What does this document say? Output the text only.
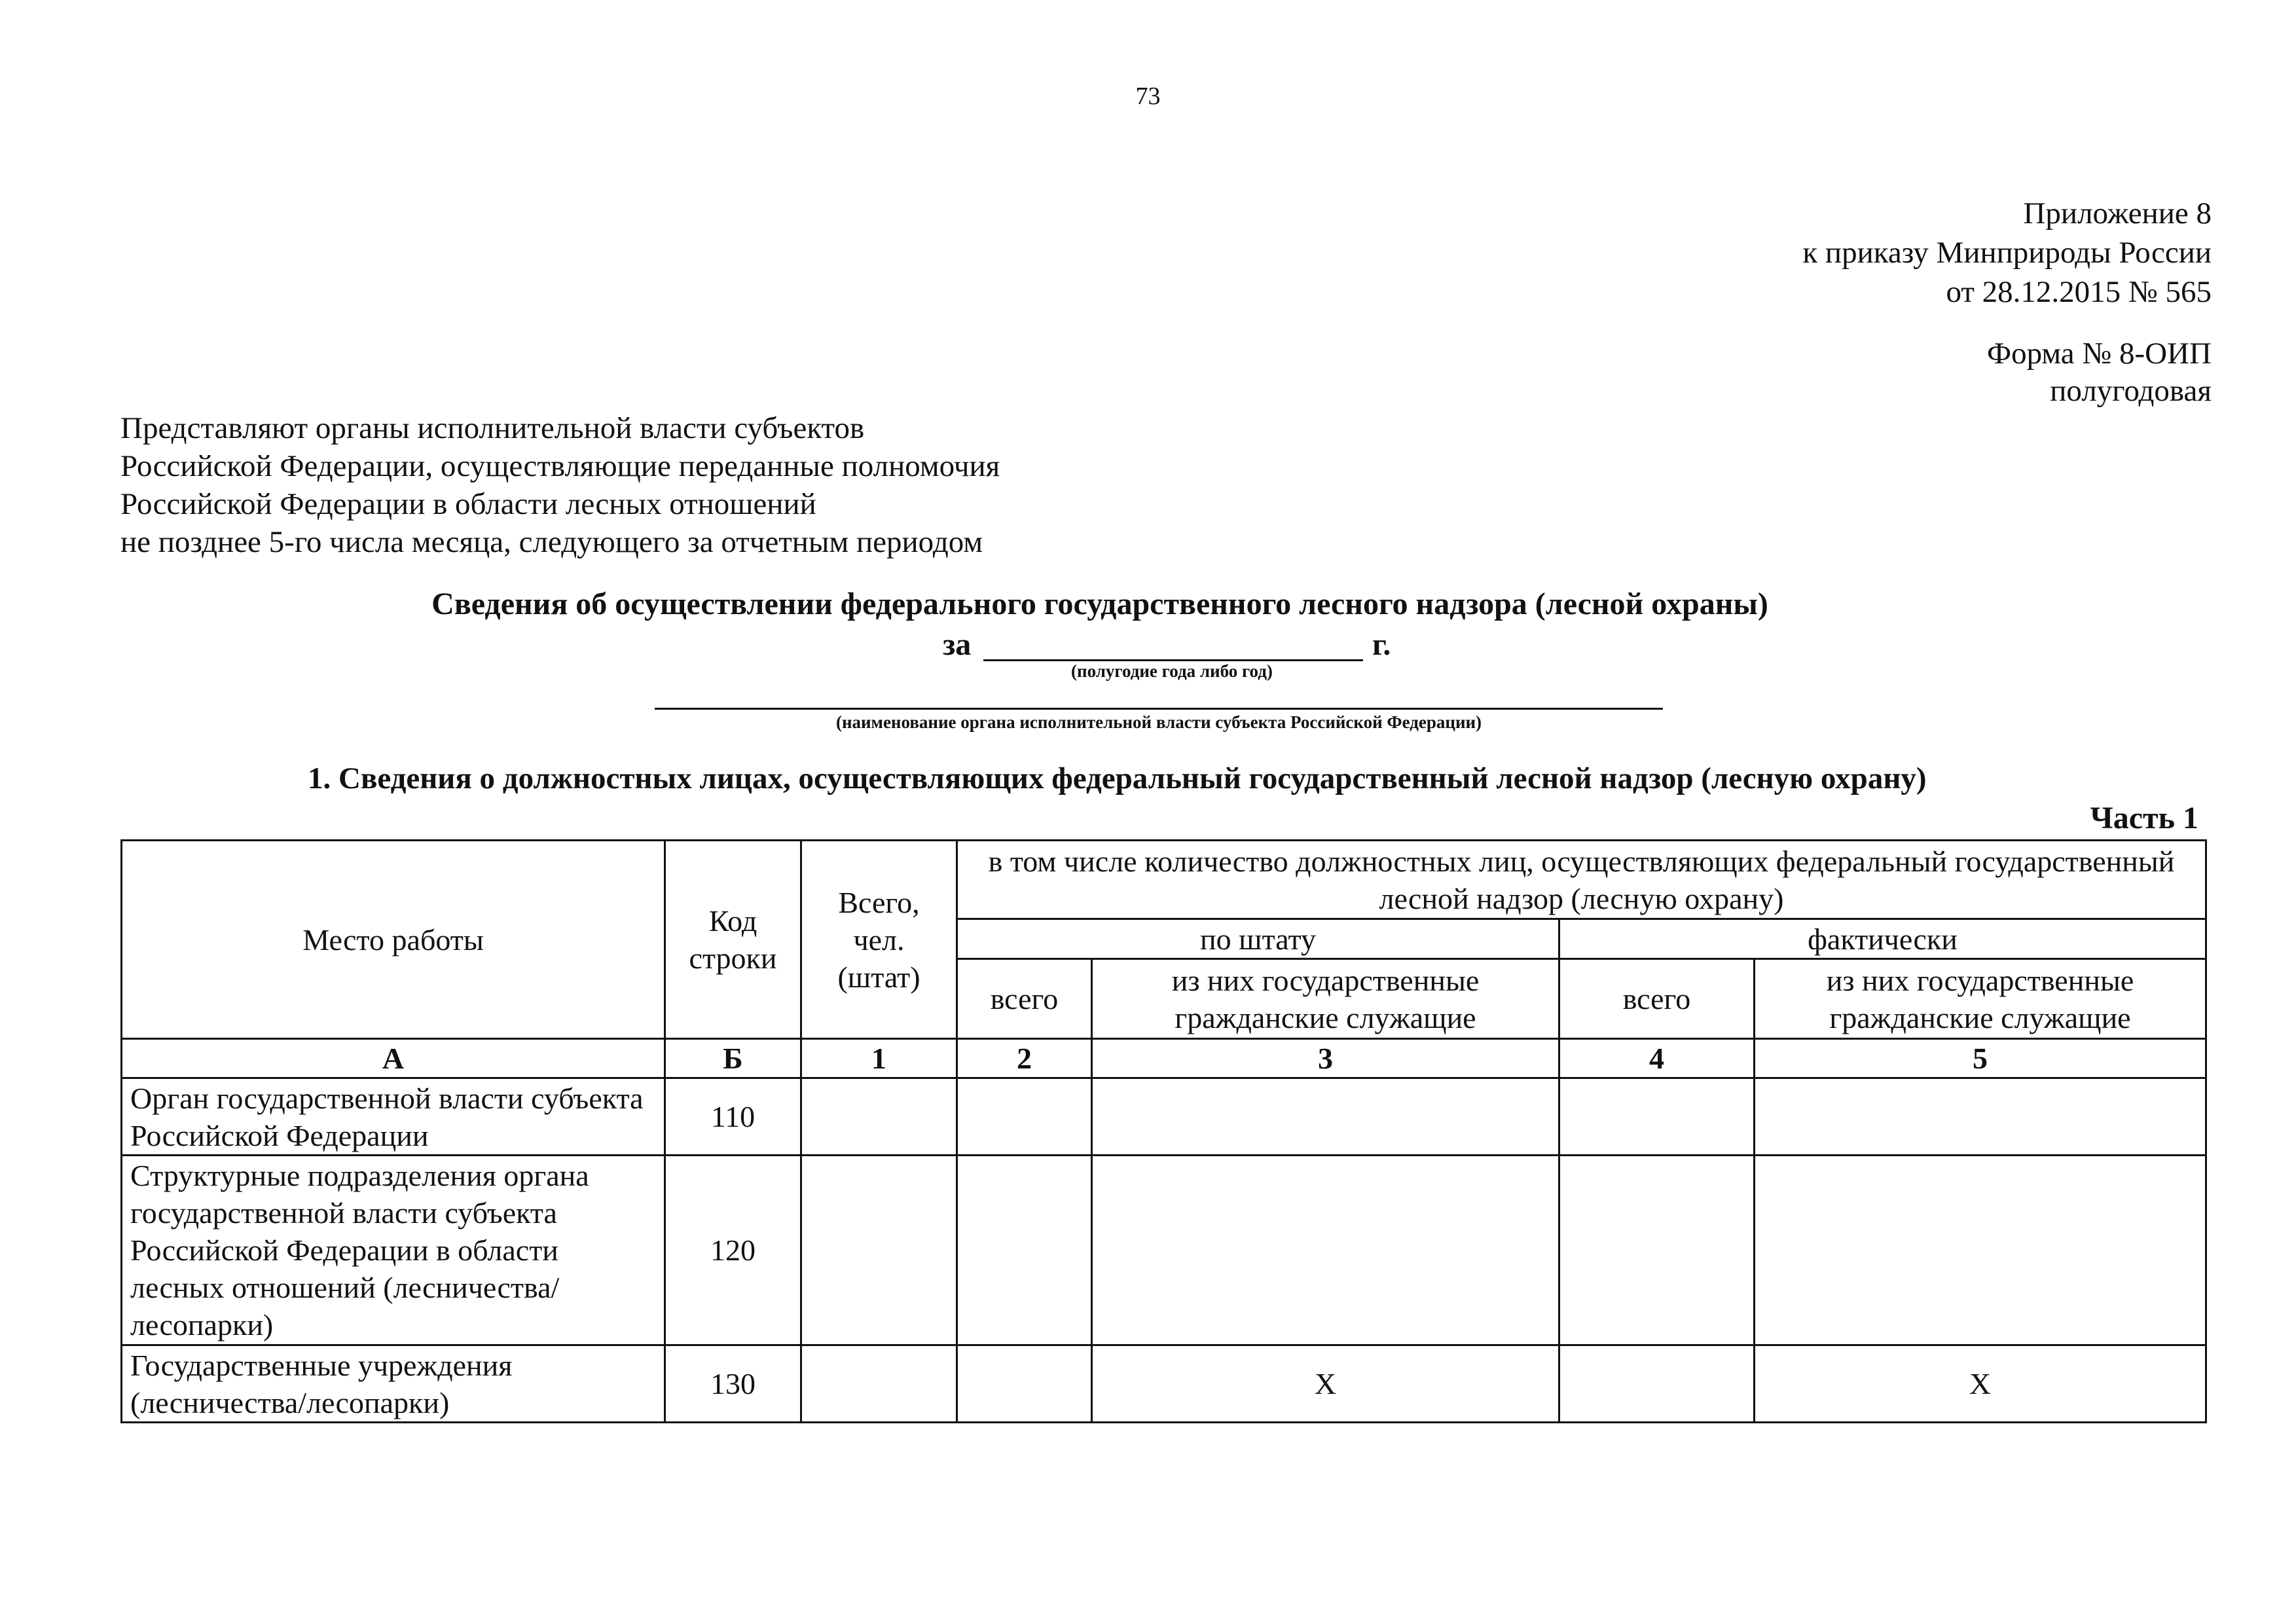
73
Приложение 8
к приказу Минприроды России
от 28.12.2015 № 565
Форма № 8-ОИП
полугодовая
Представляют органы исполнительной власти субъектов
Российской Федерации, осуществляющие переданные полномочия
Российской Федерации в области лесных отношений
не позднее 5-го числа месяца, следующего за отчетным периодом
Сведения об осуществлении федерального государственного лесного надзора (лесной охраны)
за	г.
(полугодие года либо год)
(наименование органа исполнительной власти субъекта Российской Федерации)
1. Сведения о должностных лицах, осуществляющих федеральный государственный лесной надзор (лесную охрану)
Часть 1
Место работы	Код строки	Всего, чел. (штат)	в том числе количество должностных лиц, осуществляющих федеральный государственный лесной надзор (лесную охрану)			
			по штату		фактически	
			всего	из них государственные гражданские служащие	всего	из них государственные гражданские служащие
А	Б	1	2	3	4	5
Орган государственной власти субъекта Российской Федерации	110					
Структурные подразделения органа государственной власти субъекта Российской Федерации в области лесных отношений (лесничества/лесопарки)	120					
Государственные учреждения (лесничества/лесопарки)	130			X		X
